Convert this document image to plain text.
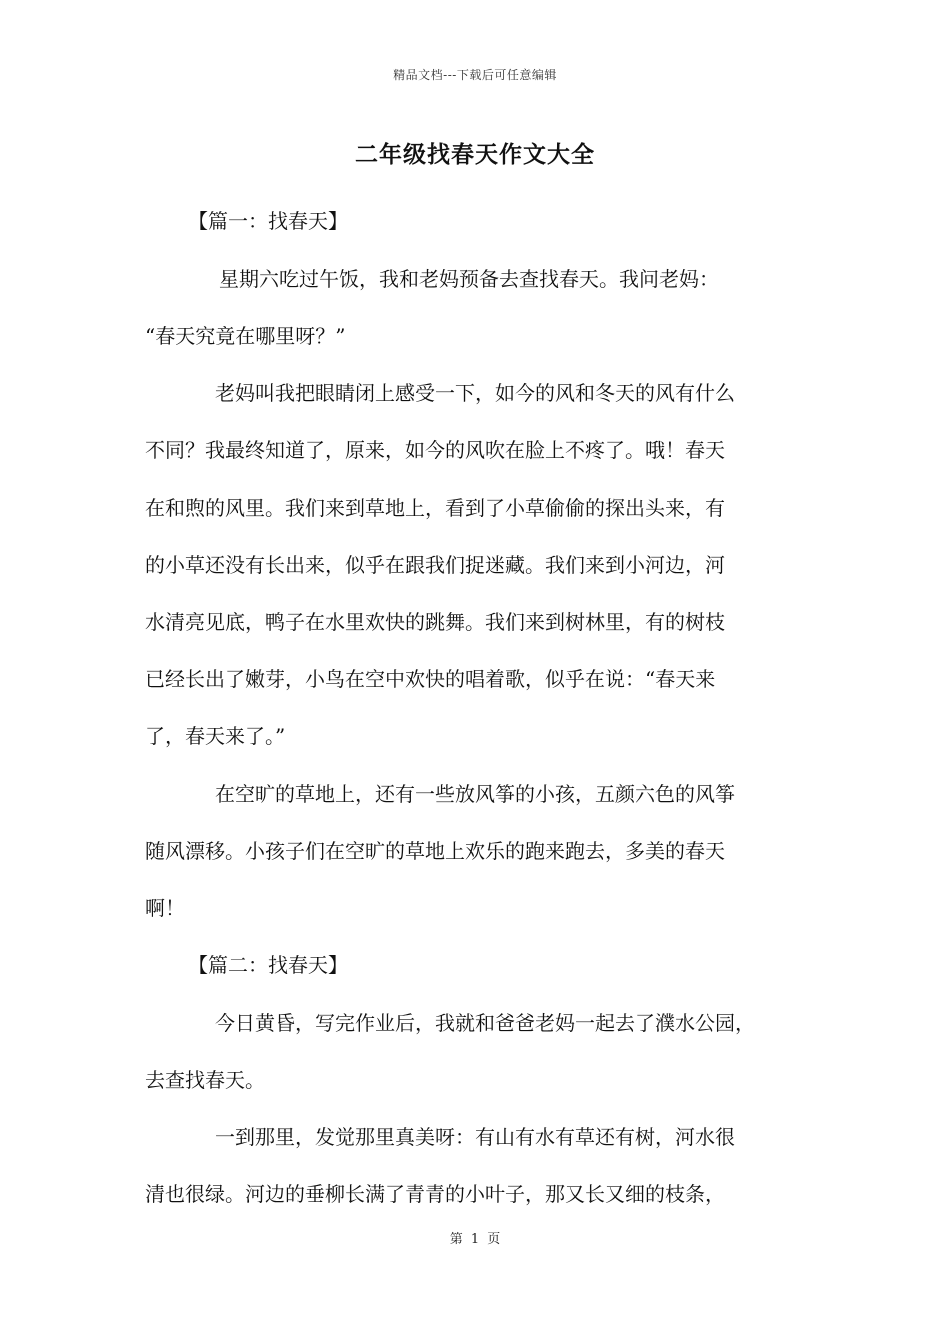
精品文档---下载后可任意编辑
二年级找春天作文大全
【篇一：找春天】
星期六吃过午饭，我和老妈预备去查找春天。我问老妈：
“春天究竟在哪里呀？”
老妈叫我把眼睛闭上感受一下，如今的风和冬天的风有什么
不同？我最终知道了，原来，如今的风吹在脸上不疼了。哦！春天
在和煦的风里。我们来到草地上，看到了小草偷偷的探出头来，有
的小草还没有长出来，似乎在跟我们捉迷藏。我们来到小河边，河
水清亮见底，鸭子在水里欢快的跳舞。我们来到树林里，有的树枝
已经长出了嫩芽，小鸟在空中欢快的唱着歌，似乎在说：“春天来
了，春天来了。”
在空旷的草地上，还有一些放风筝的小孩，五颜六色的风筝
随风漂移。小孩子们在空旷的草地上欢乐的跑来跑去，多美的春天
啊！
【篇二：找春天】
今日黄昏，写完作业后，我就和爸爸老妈一起去了濮水公园，
去查找春天。
一到那里，发觉那里真美呀：有山有水有草还有树，河水很
清也很绿。河边的垂柳长满了青青的小叶子，那又长又细的枝条，
第 1 页
